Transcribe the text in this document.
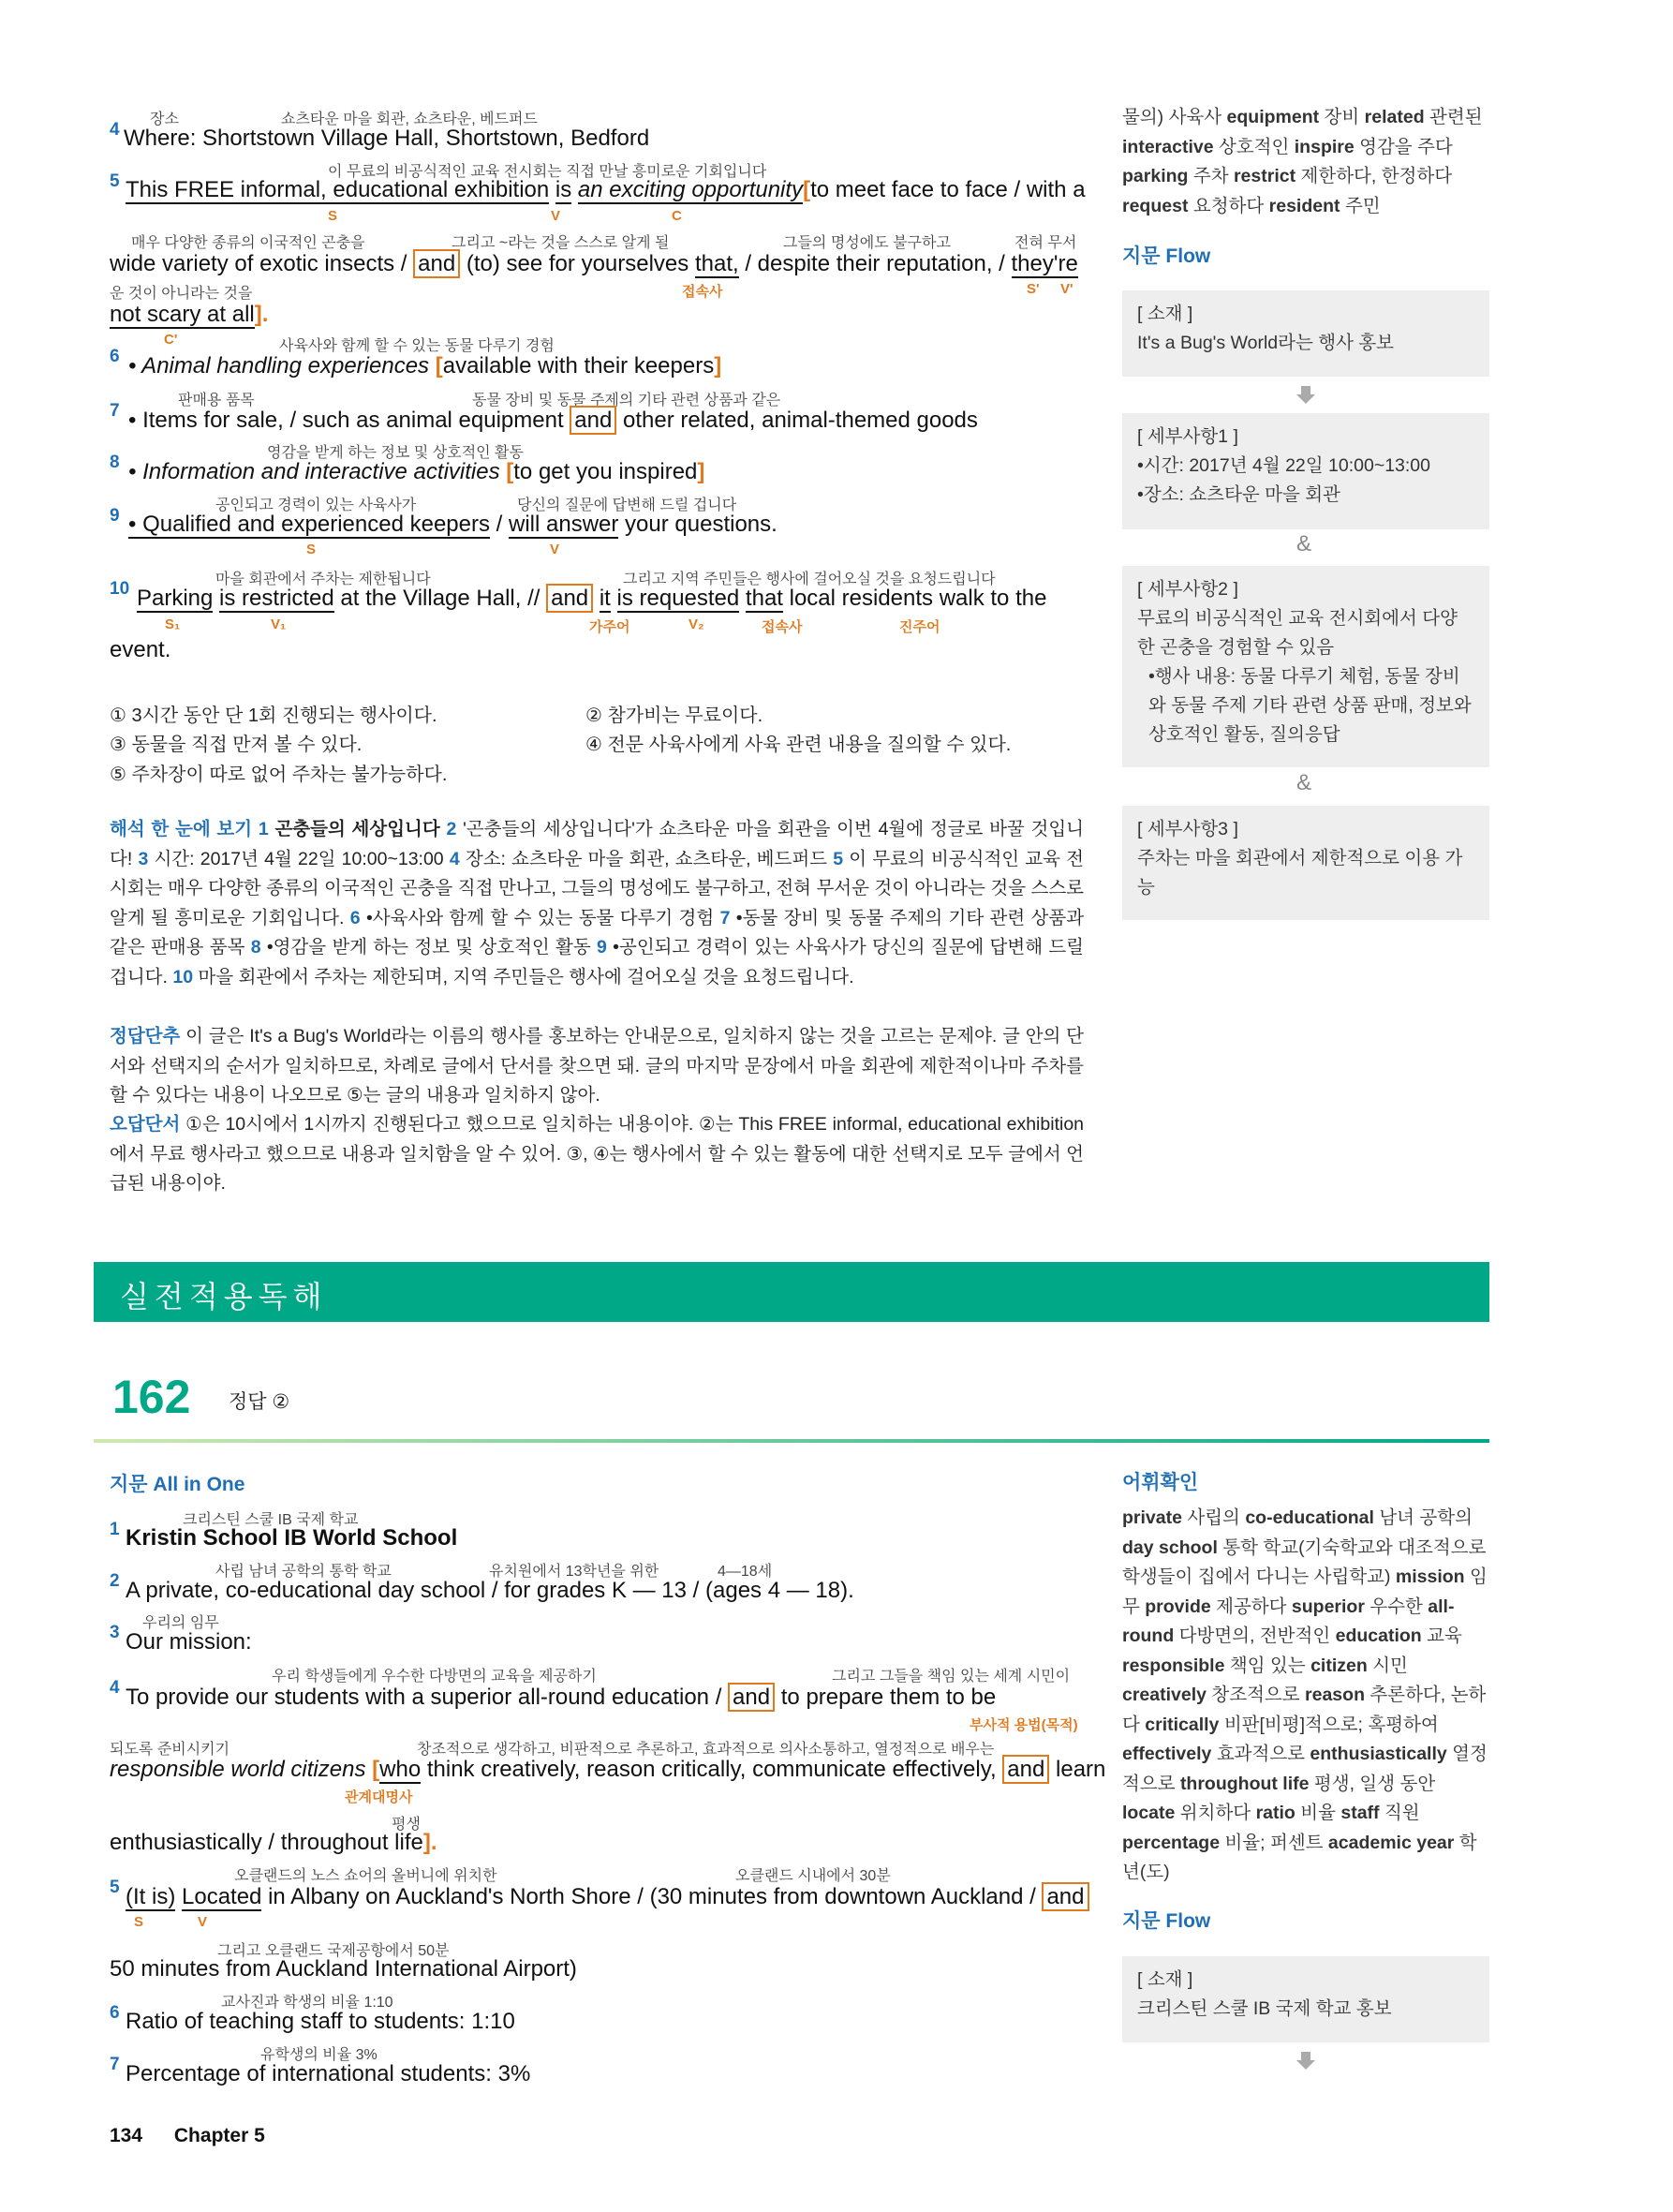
4
장소	쇼츠타운 마을 회관, 쇼츠타운, 베드퍼드
Where: Shortstown Village Hall, Shortstown, Bedford
이 무료의 비공식적인 교육 전시회는 직접 만날 흥미로운 기회입니다
5 This FREE informal, educational exhibition is an exciting opportunity[to meet face to face / with a
S	V	C
매우 다양한 종류의 이국적인 곤충을	그리고 ~라는 것을 스스로 알게 될	그들의 명성에도 불구하고	전혀 무서
wide variety of exotic insects / and (to) see for yourselves that, / despite their reputation, / they're
접속사	S' V'
운 것이 아니라는 것을
not scary at all].
C'	사육사와 함께 할 수 있는 동물 다루기 경험
6 • Animal handling experiences [available with their keepers]
판매용 품목	동물 장비 및 동물 주제의 기타 관련 상품과 같은
7 • Items for sale, / such as animal equipment and other related, animal-themed goods
영감을 받게 하는 정보 및 상호적인 활동
8 • Information and interactive activities [to get you inspired]
공인되고 경력이 있는 사육사가	당신의 질문에 답변해 드릴 겁니다
9 • Qualified and experienced keepers / will answer your questions.
S	V
마을 회관에서 주차는 제한됩니다	그리고 지역 주민들은 행사에 걸어오실 것을 요청드립니다
10 Parking is restricted at the Village Hall, // and it is requested that local residents walk to the
S₁	V₁	가주어	V₂	접속사	진주어
event.
① 3시간 동안 단 1회 진행되는 행사이다.	② 참가비는 무료이다.
③ 동물을 직접 만져 볼 수 있다.	④ 전문 사육사에게 사육 관련 내용을 질의할 수 있다.
⑤ 주차장이 따로 없어 주차는 불가능하다.
해석 한 눈에 보기 1 곤충들의 세상입니다 2 '곤충들의 세상입니다'가 쇼츠타운 마을 회관을 이번 4월에 정글로 바꿀 것입니다! 3 시간: 2017년 4월 22일 10:00~13:00 4 장소: 쇼츠타운 마을 회관, 쇼츠타운, 베드퍼드 5 이 무료의 비공식적인 교육 전시회는 매우 다양한 종류의 이국적인 곤충을 직접 만나고, 그들의 명성에도 불구하고, 전혀 무서운 것이 아니라는 것을 스스로 알게 될 흥미로운 기회입니다. 6 •사육사와 함께 할 수 있는 동물 다루기 경험 7 •동물 장비 및 동물 주제의 기타 관련 상품과 같은 판매용 품목 8 •영감을 받게 하는 정보 및 상호적인 활동 9 •공인되고 경력이 있는 사육사가 당신의 질문에 답변해 드릴 겁니다. 10 마을 회관에서 주차는 제한되며, 지역 주민들은 행사에 걸어오실 것을 요청드립니다.
정답단추 이 글은 It's a Bug's World라는 이름의 행사를 홍보하는 안내문으로, 일치하지 않는 것을 고르는 문제야. 글 안의 단서와 선택지의 순서가 일치하므로, 차례로 글에서 단서를 찾으면 돼. 글의 마지막 문장에서 마을 회관에 제한적이나마 주차를 할 수 있다는 내용이 나오므로 ⑤는 글의 내용과 일치하지 않아.
오답단서 ①은 10시에서 1시까지 진행된다고 했으므로 일치하는 내용이야. ②는 This FREE informal, educational exhibition에서 무료 행사라고 했으므로 내용과 일치함을 알 수 있어. ③, ④는 행사에서 할 수 있는 활동에 대한 선택지로 모두 글에서 언급된 내용이야.
물의) 사육사 equipment 장비 related 관련된 interactive 상호적인 inspire 영감을 주다 parking 주차 restrict 제한하다, 한정하다 request 요청하다 resident 주민
지문 Flow
[ 소재 ]
It's a Bug's World라는 행사 홍보
[ 세부사항1 ]
•시간: 2017년 4월 22일 10:00~13:00
•장소: 쇼츠타운 마을 회관
&
[ 세부사항2 ]
무료의 비공식적인 교육 전시회에서 다양한 곤충을 경험할 수 있음
•행사 내용: 동물 다루기 체험, 동물 장비와 동물 주제 기타 관련 상품 판매, 정보와 상호적인 활동, 질의응답
&
[ 세부사항3 ]
주차는 마을 회관에서 제한적으로 이용 가능
실전적용독해
162 정답 ②
지문 All in One
크리스틴 스쿨 IB 국제 학교
1 Kristin School IB World School
사립 남녀 공학의 통학 학교	유치원에서 13학년을 위한	4—18세
2 A private, co-educational day school / for grades K — 13 / (ages 4 — 18).
우리의 임무
3 Our mission:
우리 학생들에게 우수한 다방면의 교육을 제공하기	그리고 그들을 책임 있는 세계 시민이
4 To provide our students with a superior all-round education / and to prepare them to be
부사적 용법(목적)
되도록 준비시키기	창조적으로 생각하고, 비판적으로 추론하고, 효과적으로 의사소통하고, 열정적으로 배우는
responsible world citizens [who think creatively, reason critically, communicate effectively, and learn
관계대명사
평생
enthusiastically / throughout life].
오클랜드의 노스 쇼어의 올버니에 위치한	오클랜드 시내에서 30분
5 (It is) Located in Albany on Auckland's North Shore / (30 minutes from downtown Auckland / and
S	V
그리고 오클랜드 국제공항에서 50분
50 minutes from Auckland International Airport)
교사진과 학생의 비율 1:10
6 Ratio of teaching staff to students: 1:10
유학생의 비율 3%
7 Percentage of international students: 3%
어휘확인
private 사립의 co-educational 남녀 공학의 day school 통학 학교(기숙학교와 대조적으로 학생들이 집에서 다니는 사립학교) mission 임무 provide 제공하다 superior 우수한 all-round 다방면의, 전반적인 education 교육 responsible 책임 있는 citizen 시민 creatively 창조적으로 reason 추론하다, 논하다 critically 비판[비평]적으로; 혹평하여 effectively 효과적으로 enthusiastically 열정적으로 throughout life 평생, 일생 동안 locate 위치하다 ratio 비율 staff 직원 percentage 비율; 퍼센트 academic year 학년(도)
지문 Flow
[ 소재 ]
크리스틴 스쿨 IB 국제 학교 홍보
134 Chapter 5
